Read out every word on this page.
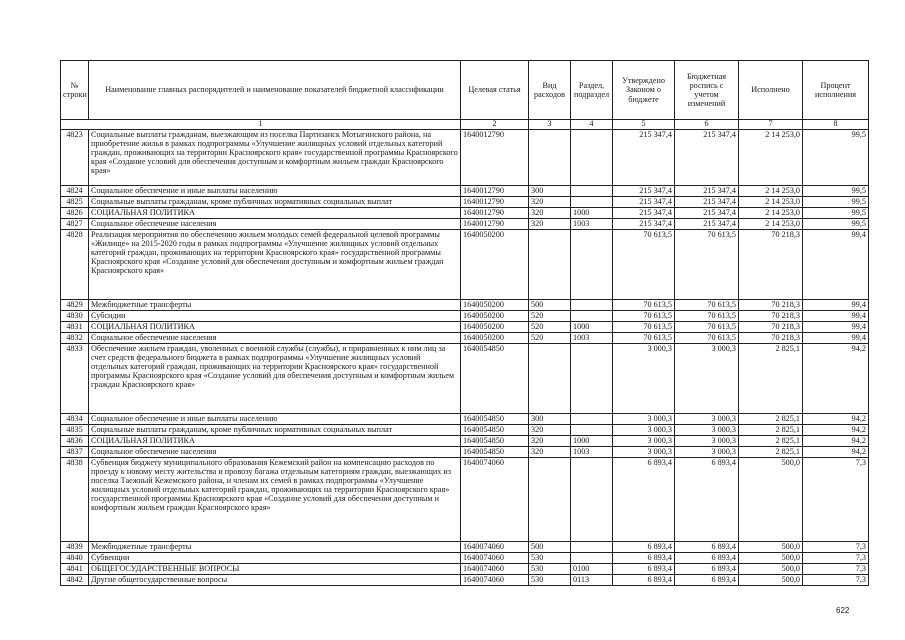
№ строки	Наименование главных распорядителей и наименование показателей бюджетной классификации	Целевая статья	Вид расходов	Раздел, подраздел	Утверждено Законом о бюджете	Бюджетная роспись с учетом изменений	Исполнено	Процент исполнения
1		2	3	4	5	6	7	8
4823	Социальные выплаты гражданам, выезжающим из поселка Партизанск Мотыгинского района, на приобретение жилья в рамках подпрограммы «Улучшение жилищных условий отдельных категорий граждан, проживающих на территории Красноярского края» государственной программы Красноярского края «Создание условий для обеспечения доступным и комфортным жильем граждан Красноярского края»	1640012790			215 347,4	215 347,4	2 14 253,0	99,5
4824	Социальное обеспечение и иные выплаты населению	1640012790	300		215 347,4	215 347,4	2 14 253,0	99,5
4825	Социальные выплаты гражданам, кроме публичных нормативных социальных выплат	1640012790	320		215 347,4	215 347,4	2 14 253,0	99,5
4826	СОЦИАЛЬНАЯ ПОЛИТИКА	1640012790	320	1000	215 347,4	215 347,4	2 14 253,0	99,5
4827	Социальное обеспечение населения	1640012790	320	1003	215 347,4	215 347,4	2 14 253,0	99,5
4828	Реализация мероприятия по обеспечению жильем молодых семей федеральной целевой программы «Жилище» на 2015-2020 годы в рамках подпрограммы «Улучшение жилищных условий отдельных категорий граждан, проживающих на территории Красноярского края» государственной программы Красноярского края «Создание условий для обеспечения доступным и комфортным жильем граждан Красноярского края»	1640050200			70 613,5	70 613,5	70 218,3	99,4
4829	Межбюджетные трансферты	1640050200	500		70 613,5	70 613,5	70 218,3	99,4
4830	Субсидии	1640050200	520		70 613,5	70 613,5	70 218,3	99,4
4831	СОЦИАЛЬНАЯ ПОЛИТИКА	1640050200	520	1000	70 613,5	70 613,5	70 218,3	99,4
4832	Социальное обеспечение населения	1640050200	520	1003	70 613,5	70 613,5	70 218,3	99,4
4833	Обеспечение жильем граждан, уволенных с военной службы (службы), и приравненных к ним лиц за счет средств федерального бюджета в рамках подпрограммы «Улучшение жилищных условий отдельных категорий граждан, проживающих на территории Красноярского края» государственной программы Красноярского края «Создание условий для обеспечения доступным и комфортным жильем граждан Красноярского края»	1640054850			3 000,3	3 000,3	2 825,1	94,2
4834	Социальное обеспечение и иные выплаты населению	1640054850	300		3 000,3	3 000,3	2 825,1	94,2
4835	Социальные выплаты гражданам, кроме публичных нормативных социальных выплат	1640054850	320		3 000,3	3 000,3	2 825,1	94,2
4836	СОЦИАЛЬНАЯ ПОЛИТИКА	1640054850	320	1000	3 000,3	3 000,3	2 825,1	94,2
4837	Социальное обеспечение населения	1640054850	320	1003	3 000,3	3 000,3	2 825,1	94,2
4838	Субвенция бюджету муниципального образования Кежемский район на компенсацию расходов по проезду к новому месту жительства и провозу багажа отдельным категориям граждан, выезжающих из поселка Таежный Кежемского района, и членам их семей в рамках подпрограммы «Улучшение жилищных условий отдельных категорий граждан, проживающих на территории Красноярского края» государственной программы Красноярского края «Создание условий для обеспечения доступным и комфортным жильем граждан Красноярского края»	1640074060			6 893,4	6 893,4	500,0	7,3
4839	Межбюджетные трансферты	1640074060	500		6 893,4	6 893,4	500,0	7,3
4840	Субвенции	1640074060	530		6 893,4	6 893,4	500,0	7,3
4841	ОБЩЕГОСУДАРСТВЕННЫЕ ВОПРОСЫ	1640074060	530	0100	6 893,4	6 893,4	500,0	7,3
4842	Другие общегосударственные вопросы	1640074060	530	0113	6 893,4	6 893,4	500,0	7,3
622
